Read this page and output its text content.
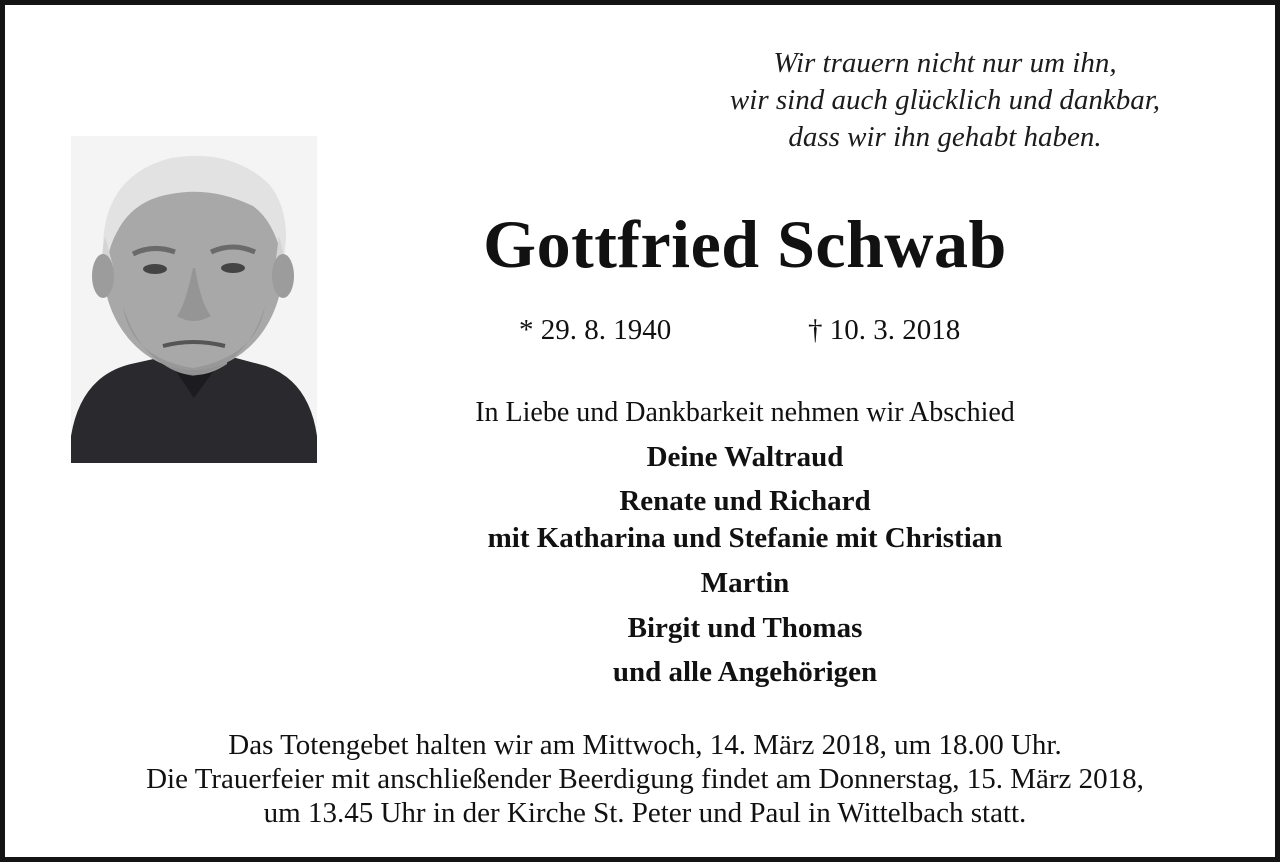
Wir trauern nicht nur um ihn,
wir sind auch glücklich und dankbar,
dass wir ihn gehabt haben.
Gottfried Schwab
* 29. 8. 1940	† 10. 3. 2018
In Liebe und Dankbarkeit nehmen wir Abschied
Deine Waltraud
Renate und Richard
mit Katharina und Stefanie mit Christian
Martin
Birgit und Thomas
und alle Angehörigen
Das Totengebet halten wir am Mittwoch, 14. März 2018, um 18.00 Uhr.
Die Trauerfeier mit anschließender Beerdigung findet am Donnerstag, 15. März 2018,
um 13.45 Uhr in der Kirche St. Peter und Paul in Wittelbach statt.
